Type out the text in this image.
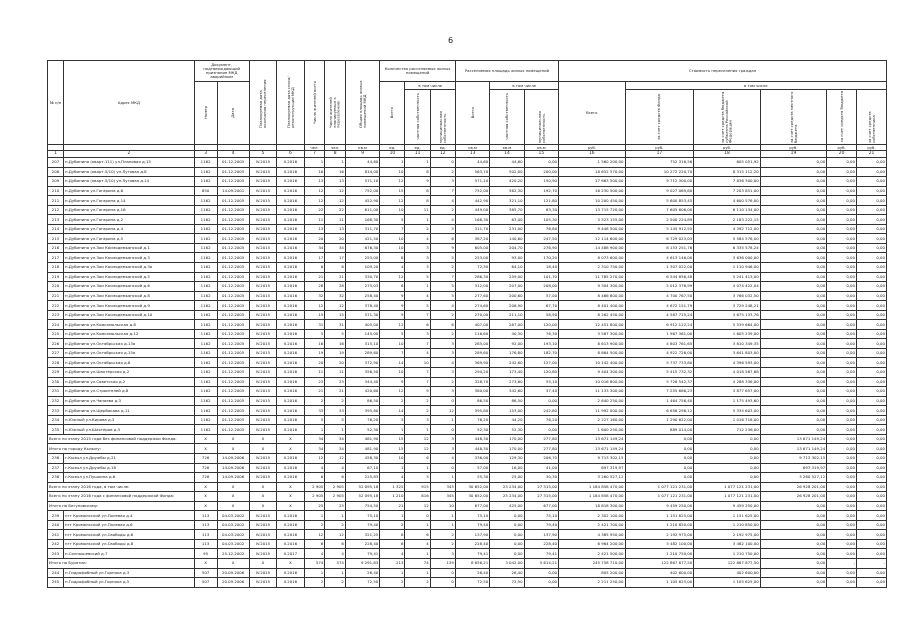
6
№ п/п	Адрес МКД	Документ, подтверждающий признание МКД аварийным		Планируемая дата окончания переселения	Планируемая дата сноса/ реконструкции МКД	Число жителей всего	Число жителей планируемых к переселению	Общая площадь жилых помещений МКД	Количество расселяемых жилых помещений			Расселяемая площадь жилых помещений			Стоимость переселения граждан					
		Номер	Дата						Всего	в том числе		Всего	в том числе		Всего	в том числе				
										частная собственность	муниципальная собственность		частная собственность	муниципальная собственность		за счет средств Фонда	за счет средств бюджета субъекта Российской Федерации	за счет средств местного бюджета	за счет средств бюджета	за счет средств собственника
						чел.	чел.	кв.м	ед.	ед.	ед.	кв.м	кв.м	кв.м	руб.	руб.	руб.	руб.	руб.	руб.
1	2	3	4	5	6	7	8	9	10	11	12	13	14	15	16	17	18	19	20	21
207	п.Дубинино (кварт.111) ул.Плановая д.15	1162	01.12.2005	IV.2015	II.2016	1	1	44,60	1	1	0	44,60	44,60	0,00	1 560 200,00	752 316,56	605 051,92	0,00	0,00	0,00
208	п.Дубинино (кварт.5/10) ул.Луговая д.8	1162	01.12.2005	IV.2015	II.2016	16	16	814,00	10	8	2	563,70	502,00	200,00	18 652 570,00	10 272 220,70	8 315 112,20	0,00	0,00	0,00
209	п.Дубинино (кварт.5/10) ул.Луговая д.14	1162	01.12.2005	IV.2015	II.2016	13	13	571,10	12	9	3	571,10	420,20	150,90	17 663 500,00	9 712 300,00	7 836 300,00	0,00	0,00	0,00
210	п.Дубинино ул.Гагарина д.6	850	14.09.2001	IV.2015	II.2016	12	12	752,00	15	8	7	752,00	562,30	192,70	16 230 500,00	9 027 069,80	7 203 851,00	0,00	0,00	0,00
211	п.Дубинино ул.Гагарина д.14	1162	01.12.2005	IV.2015	II.2016	12	12	452,90	12	8	4	442,90	321,10	121,80	10 200 450,00	5 600 853,45	4 600 576,00	0,00	0,00	0,00
212	п.Дубинино ул.Гагарина д.16	1162	01.12.2005	IV.2015	II.2016	22	22	611,00	10	11	2	449,00	385,70	63,30	13 715 720,00	7 605 606,00	6 110 134,00	0,00	0,00	0,00
213	п.Дубинино ул.Гагарина д.2	1162	01.12.2005	IV.2015	II.2016	11	11	168,30	5	1	4	168,30	63,00	105,30	5 523 155,00	2 500 224,89	2 183 222,15	0,00	0,00	0,00
214	п.Дубинино ул.Гагарина д.4	1162	01.12.2005	IV.2015	II.2016	13	13	311,70	7	2	5	311,70	231,00	76,80	9 448 500,00	5 145 912,55	4 392 712,00	0,00	0,00	0,00
215	п.Дубинино ул.Гагарина д.5	1162	01.12.2005	IV.2015	II.2016	20	20	421,50	10	4	6	387,20	140,60	247,50	12 114 600,00	6 729 023,03	5 584 576,00	0,00	0,00	0,00
216	п.Дубинино ул.Зои Космодемьянской д.1	1162	01.12.2005	IV.2015	II.2016	34	34	676,30	10	3	9	605,00	204,70	276,90	14 488 900,00	8 153 251,76	6 335 578,24	0,00	0,00	0,00
217	п.Дубинино ул.Зои Космодемьянской д.3	1162	01.12.2005	IV.2015	II.2016	17	17	253,00	8	3	5	253,00	93,00	170,20	8 073 600,00	4 613 146,00	3 636 000,00	0,00	0,00	0,00
218	п.Дубинино ул.Зои Космодемьянской д.3а	1162	01.12.2005	IV.2015	II.2016	6	6	109,20	4	3	2	72,30	64,10	18,40	2 310 750,00	1 307 022,00	1 110 946,00	0,00	0,00	0,00
219	п.Дубинино ул.Зои Космодемьянской д.5	1162	01.12.2005	IV.2015	II.2016	21	21	330,70	12	5	7	286,30	259,00	101,70	11 785 270,00	6 544 856,48	5 241 413,00	0,00	0,00	0,00
220	п.Дубинино ул.Зои Космодемьянской д.6	1162	01.12.2005	IV.2015	II.2016	28	28	275,03	6	1	5	312,00	207,00	208,00	9 304 300,00	5 012 376,99	4 074 422,04	0,00	0,00	0,00
221	п.Дубинино ул.Зои Космодемьянской д.8	1162	01.12.2005	IV.2015	II.2016	32	32	258,40	9	4	5	277,60	200,60	57,00	8 466 800,00	4 700 767,50	3 766 032,50	0,00	0,00	0,00
222	п.Дубинино ул.Зои Космодемьянской д.9	1162	01.12.2005	IV.2015	II.2016	12	12	378,40	9	5	4	274,60	206,90	67,70	8 401 400,00	4 672 151,79	3 729 248,21	0,00	0,00	0,00
223	п.Дубинино ул.Зои Космодемьянской д.10	1162	01.12.2005	IV.2015	II.2016	15	15	571,30	9	7	2	270,00	211,10	58,90	8 262 450,00	4 587 715,24	3 675 133,76	0,00	0,00	0,00
224	п.Дубинино ул.Комсомольская д.8	1162	01.12.2005	IV.2015	II.2016	31	31	405,00	12	6	6	407,00	287,00	120,00	12 451 800,00	6 912 122,24	5 539 664,00	0,00	0,00	0,00
225	п.Дубинино ул.Комсомольская д.12	1162	01.12.2005	IV.2015	II.2016	5	5	145,00	5	3	2	116,60	40,30	76,30	3 567 300,00	1 967 361,00	1 605 239,00	0,00	0,00	0,00
226	п.Дубинино ул.Октябрьская д.13а	1162	01.12.2005	IV.2015	II.2016	16	16	315,10	10	7	3	285,00	92,00	193,10	8 613 900,00	4 803 761,65	3 810 349,35	0,00	0,00	0,00
227	п.Дубинино ул.Октябрьская д.15а	1162	01.12.2005	IV.2015	II.2016	19	19	289,60	7	4	3	289,60	176,80	182,70	8 864 500,00	4 922 726,00	3 641 803,00	0,00	0,00	0,00
228	п.Дубинино ул.Октябрьская д.6	1162	01.12.2005	IV.2015	II.2016	20	20	372,90	14	10	4	369,90	242,60	127,00	10 142 400,00	5 737 733,80	4 396 593,00	0,00	0,00	0,00
229	п.Дубинино ул.Шахтёрская д.2	1162	01.12.2005	IV.2015	II.2016	11	11	356,50	10	7	3	294,20	173,40	120,80	9 404 300,00	5 415 732,32	4 018 567,68	0,00	0,00	0,00
230	п.Дубинино ул.Советская д.2	1162	01.12.2005	IV.2015	II.2016	23	23	344,40	9	7	2	328,70	273,60	55,10	10 016 800,00	5 728 542,37	4 288 336,00	0,00	0,00	0,00
231	п.Дубинино ул.Строителей д.8	1162	01.12.2005	IV.2015	II.2016	21	21	420,60	12	9	3	380,00	342,60	37,40	11 133 300,00	7 255 686,23	3 877 657,00	0,00	0,00	0,00
232	п.Дубинино ул.Чапаева д.3	1162	01.12.2005	IV.2015	II.2016	2	2	86,50	2	2	0	86,50	86,50	0,00	2 640 250,00	1 464 756,40	1 175 493,60	0,00	0,00	0,00
233	п.Дубинино ул.Щербакова д.11	1162	01.12.2005	IV.2015	II.2016	33	33	395,80	14	2	12	395,80	153,00	242,80	11 992 000,00	6 658 296,12	5 334 603,00	0,00	0,00	0,00
234	п.Южный ул.Кирова д.3	1162	01.12.2005	IV.2015	II.2016	5	5	76,20	3	3	1	76,20	44,20	76,20	2 227 160,00	1 290 622,00	1 016 718,00	0,00	0,00	0,00
235	п.Южный ул.Шахтёров д.5	1162	01.12.2005	IV.2015	II.2016	1	1	52,30	1	1	0	52,30	52,30	0,00	1 600 250,00	889 014,00	712 236,00	0,00	0,00	0,00
Всего по этапу 2015 года без финансовой поддержки Фонда:		X	X	X	X	34	34	481,90	15	12	3	448,30	170,00	277,80	13 671 149,24	0,00	0,00	13 671 149,24	0,00	0,00
Итого по городу Кызылу:		X	X	X	X	34	34	481,90	15	12	3	448,30	170,00	277,80	13 671 149,24	0,00	0,00	13 671 149,24	0,00	0,00
236	г.Кызыл ул.Дружбы д.21	726	14.09.2006	IV.2015	II.2016	12	12	458,30	10	6	4	336,00	129,30	206,70	9 713 302,15	0,00	0,00	9 713 302,15	0,00	0,00
237	г.Кызыл ул.Дружбы д.18	726	14.09.2006	IV.2015	II.2016	4	4	67,10	1	1	0	57,00	16,00	41,00	697 319,97	0,00	0,00	697 319,97	0,00	0,00
238	г.Кызыл ул.Пушкина д.6	726	14.09.2006	IV.2015	II.2016	6	6	225,83	4	3	1	55,30	25,00	30,30	3 260 527,12	0,00	0,00	3 260 527,12	0,00	0,00
Всего по этапу 2016 года, в том числе:		X	X	X	X	2 905	2 905	52 095,18	1 325	915	345	30 652,00	23 234,00	27 315,00	1 184 858 470,00	1 077 121 231,00	1 077 121 231,00	26 928 201,00	0,00	0,00
Всего по этапу 2016 года с финансовой поддержкой Фонда:		X	X	X	X	2 905	2 905	52 095,18	1 210	816	345	30 652,00	23 234,00	27 315,00	1 184 858 470,00	1 077 121 231,00	1 077 121 231,00	26 928 201,00	0,00	0,00
Итого по Бегуновскому:		X	X	X	X	25	25	754,50	21	12	10	677,00	425,00	677,00	18 818 300,00	9 459 250,00	9 459 250,00	0,00	0,00	0,00
239	пгт Кромолкский ул.Полевая д.4	113	04.03.2002	IV.2015	II.2016	1	1	75,10	1	0	1	75,10	0,00	75,10	2 302 100,00	1 151 625,00	1 151 625,00	0,00	0,00	0,00
240	пгт Кромолкский ул.Полевая д.6	113	04.03.2002	IV.2015	II.2016	2	2	79,40	2	1	1	79,40	0,00	79,40	2 421 700,00	1 210 850,00	1 210 850,00	0,00	0,00	0,00
241	пгт Кромолкский ул.Свободы д.6	113	04.03.2002	IV.2015	II.2016	12	12	321,25	8	6	2	137,90	0,00	137,90	4 385 950,00	2 192 975,00	2 192 975,00	0,00	0,00	0,00
242	пгт Кромолкский ул.Свободы д.8	113	04.03.2002	IV.2015	II.2016	6	6	228,40	6	4	2	228,40	0,00	228,40	6 964 200,00	3 482 100,00	3 482 100,00	0,00	0,00	0,00
243	п.Солнышевский д.7	95	25.12.2002	IV.2015	II.2017	4	4	79,41	4	1	3	79,41	0,00	79,41	2 421 500,00	1 210 750,00	1 210 750,00	0,00	0,00	0,00
Итого по Бурятии:		X	X	X	X	574	574	9 291,83	213	74	139	8 656,21	3 042,00	5 614,21	245 758 710,00	122 867 877,50	122 867 877,50	0,00	-	-
244	п.Гидрофобный ул.Горняка д.3	507	20.09.2006	IV.2015	II.2016	1	1	26,40	1	1	0	26,40	26,40	0,00	805 200,00	402 600,00	402 600,00	0,00	0,00	0,00
245	п.Гидрофобный ул.Горняка д.5	507	20.09.2006	IV.2015	II.2016	2	2	72,50	2	2	0	72,50	72,50	0,00	2 211 250,00	1 105 625,00	1 105 625,00	0,00	0,00	0,00
